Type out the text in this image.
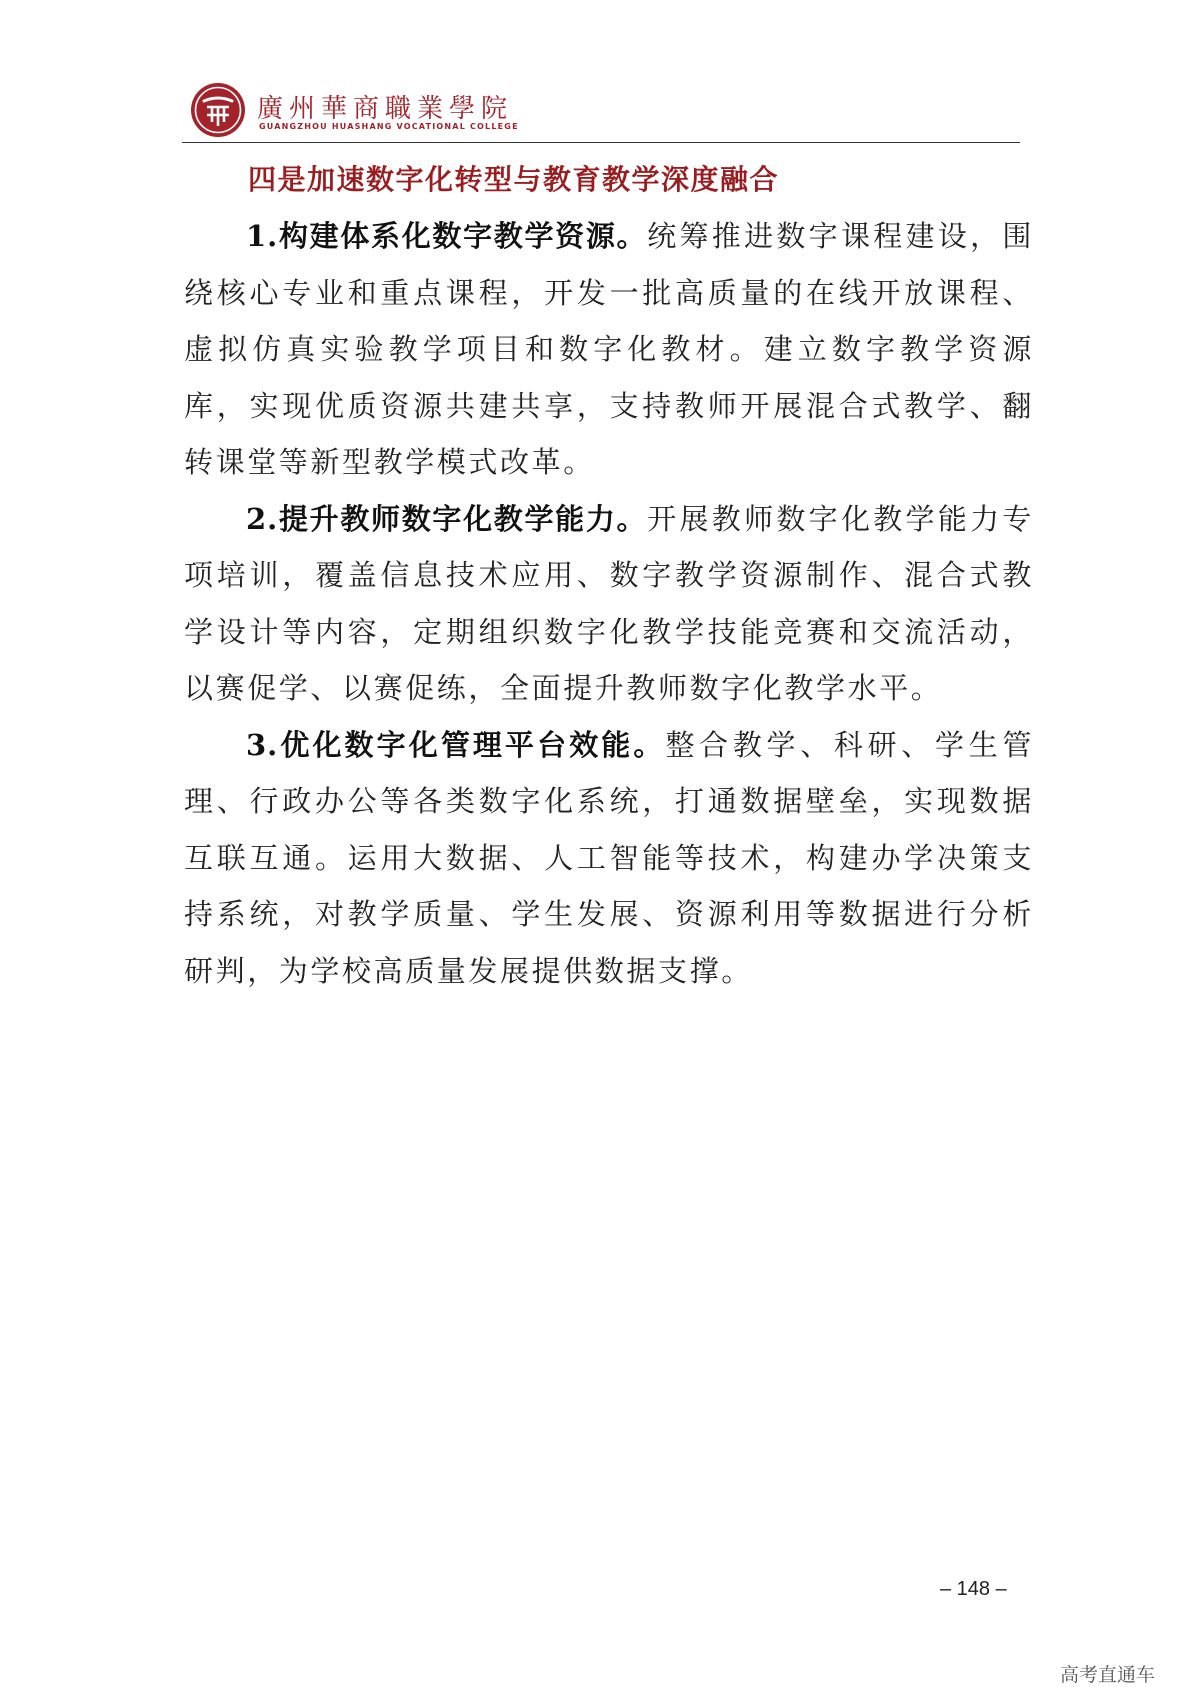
廣州華商職業學院
GUANGZHOU HUASHANG VOCATIONAL COLLEGE
四是加速数字化转型与教育教学深度融合

1.构建体系化数字教学资源。统筹推进数字课程建设，围绕核心专业和重点课程，开发一批高质量的在线开放课程、虚拟仿真实验教学项目和数字化教材。建立数字教学资源库，实现优质资源共建共享，支持教师开展混合式教学、翻转课堂等新型教学模式改革。

2.提升教师数字化教学能力。开展教师数字化教学能力专项培训，覆盖信息技术应用、数字教学资源制作、混合式教学设计等内容，定期组织数字化教学技能竞赛和交流活动，以赛促学、以赛促练，全面提升教师数字化教学水平。

3.优化数字化管理平台效能。整合教学、科研、学生管理、行政办公等各类数字化系统，打通数据壁垒，实现数据互联互通。运用大数据、人工智能等技术，构建办学决策支持系统，对教学质量、学生发展、资源利用等数据进行分析研判，为学校高质量发展提供数据支撑。

– 148 –
高考直通车
